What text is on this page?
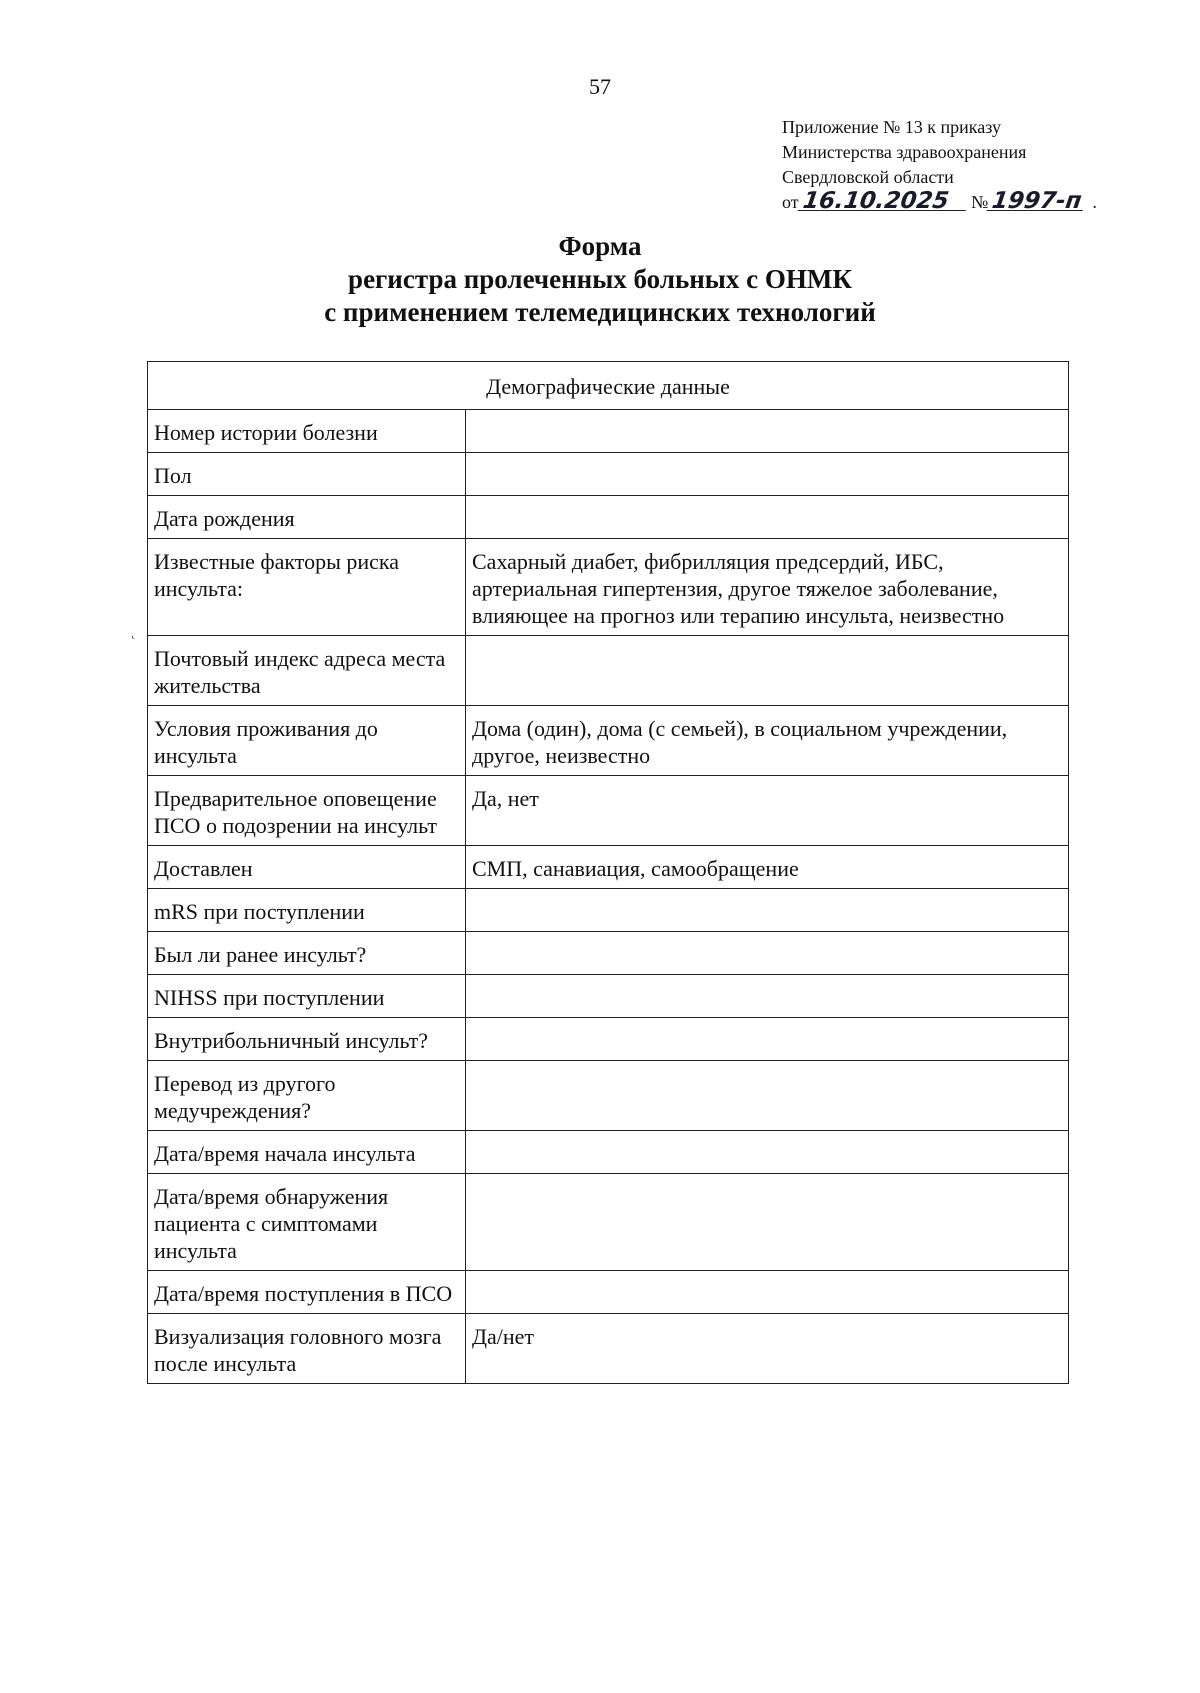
57
Приложение № 13 к приказу
Министерства здравоохранения
Свердловской области
от16.10.2025 №1997-п .
Форма
регистра пролеченных больных с ОНМК
с применением телемедицинских технологий
Демографические данные	
Номер истории болезни	
Пол	
Дата рождения	
Известные факторы риска инсульта:	Сахарный диабет, фибрилляция предсердий, ИБС, артериальная гипертензия, другое тяжелое заболевание, влияющее на прогноз или терапию инсульта, неизвестно
Почтовый индекс адреса места жительства	
Условия проживания до инсульта	Дома (один), дома (с семьей), в социальном учреждении, другое, неизвестно
Предварительное оповещение ПСО о подозрении на инсульт	Да, нет
Доставлен	СМП, санавиация, самообращение
mRS при поступлении	
Был ли ранее инсульт?	
NIHSS при поступлении	
Внутрибольничный инсульт?	
Перевод из другого медучреждения?	
Дата/время начала инсульта	
Дата/время обнаружения пациента с симптомами инсульта	
Дата/время поступления в ПСО	
Визуализация головного мозга после инсульта	Да/нет
˛
